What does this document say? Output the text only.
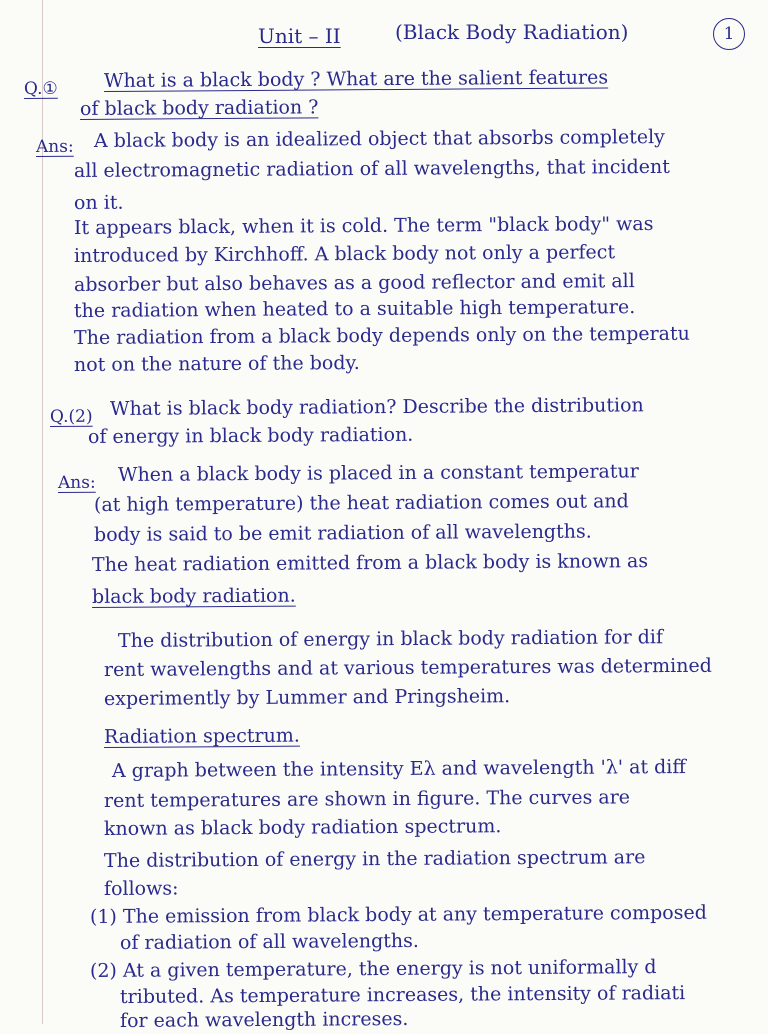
Unit – II	(Black Body Radiation)	1
Q.① What is a black body ? What are the salient features
of black body radiation ?
Ans: A black body is an idealized object that absorbs completely
all electromagnetic radiation of all wavelengths, that incident
on it.
It appears black, when it is cold. The term "black body" was
introduced by Kirchhoff. A black body not only a perfect
absorber but also behaves as a good reflector and emit all
the radiation when heated to a suitable high temperature.
The radiation from a black body depends only on the temperatu
not on the nature of the body.
Q.(2) What is black body radiation? Describe the distribution
of energy in black body radiation.
Ans: When a black body is placed in a constant temperatur
(at high temperature) the heat radiation comes out and
body is said to be emit radiation of all wavelengths.
The heat radiation emitted from a black body is known as
black body radiation.
The distribution of energy in black body radiation for dif
rent wavelengths and at various temperatures was determined
experimently by Lummer and Pringsheim.
Radiation spectrum.
A graph between the intensity Eλ and wavelength 'λ' at diff
rent temperatures are shown in figure. The curves are
known as black body radiation spectrum.
The distribution of energy in the radiation spectrum are
follows:
(1) The emission from black body at any temperature composed
of radiation of all wavelengths.
(2) At a given temperature, the energy is not uniformally d
tributed. As temperature increases, the intensity of radiati
for each wavelength increses.
